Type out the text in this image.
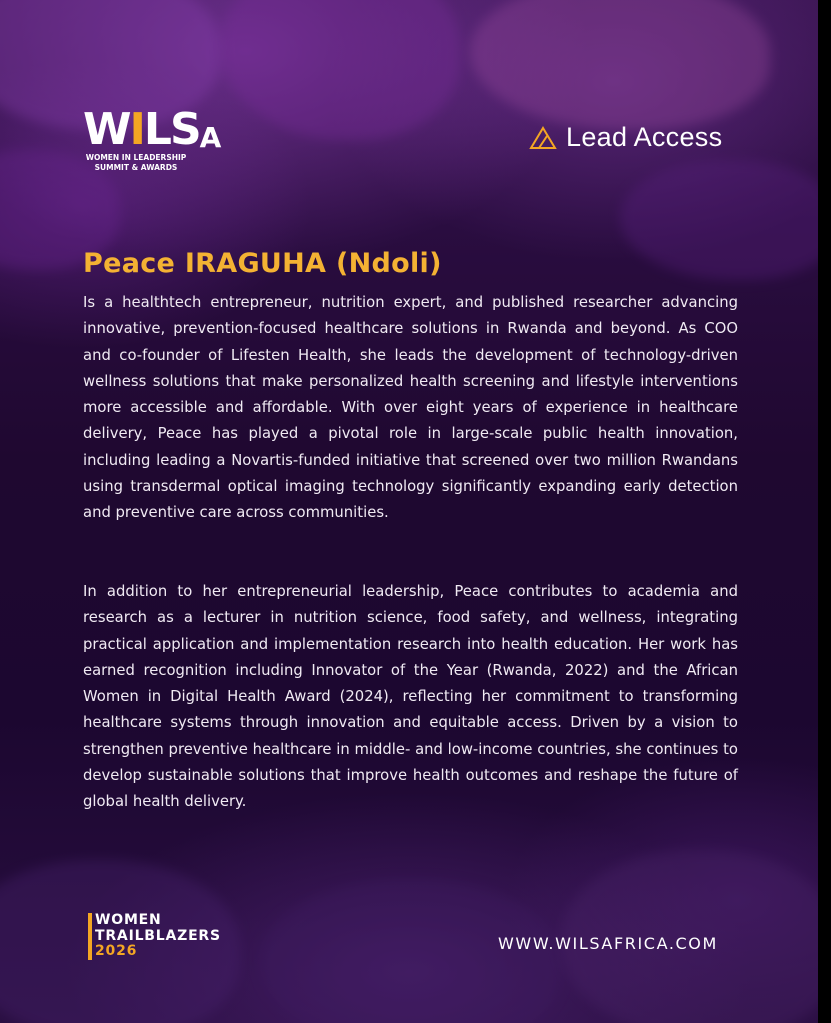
W I L S A
WOMEN IN LEADERSHIP
SUMMIT & AWARDS
Lead Access
Peace IRAGUHA (Ndoli)

Is a healthtech entrepreneur, nutrition expert, and published researcher advancing innovative, prevention-focused healthcare solutions in Rwanda and beyond. As COO and co-founder of Lifesten Health, she leads the development of technology-driven wellness solutions that make personalized health screening and lifestyle interventions more accessible and affordable. With over eight years of experience in healthcare delivery, Peace has played a pivotal role in large-scale public health innovation, including leading a Novartis-funded initiative that screened over two million Rwandans using transdermal optical imaging technology significantly expanding early detection and preventive care across communities.

In addition to her entrepreneurial leadership, Peace contributes to academia and research as a lecturer in nutrition science, food safety, and wellness, integrating practical application and implementation research into health education. Her work has earned recognition including Innovator of the Year (Rwanda, 2022) and the African Women in Digital Health Award (2024), reflecting her commitment to transforming healthcare systems through innovation and equitable access. Driven by a vision to strengthen preventive healthcare in middle- and low-income countries, she continues to develop sustainable solutions that improve health outcomes and reshape the future of global health delivery.

WOMEN
TRAILBLAZERS
2026	WWW.WILSAFRICA.COM
